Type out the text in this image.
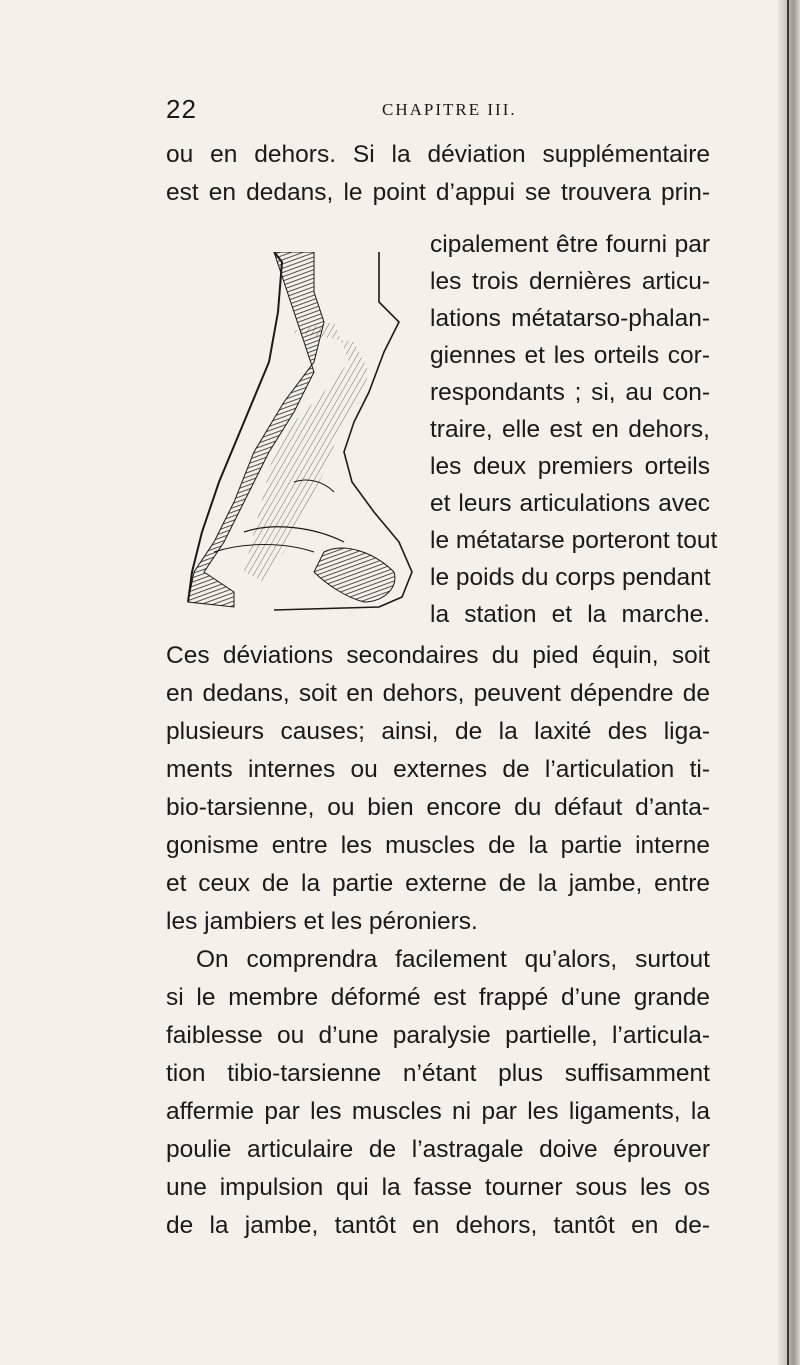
22	CHAPITRE III.
ou en dehors. Si la déviation supplémentaire
est en dedans, le point d’appui se trouvera prin-
cipalement être fourni par
les trois dernières articu-
lations métatarso-phalan-
giennes et les orteils cor-
respondants ; si, au con-
traire, elle est en dehors,
les deux premiers orteils
et leurs articulations avec
le métatarse porteront tout
le poids du corps pendant
la station et la marche.
Ces déviations secondaires du pied équin, soit
en dedans, soit en dehors, peuvent dépendre de
plusieurs causes; ainsi, de la laxité des liga-
ments internes ou externes de l’articulation ti-
bio-tarsienne, ou bien encore du défaut d’anta-
gonisme entre les muscles de la partie interne
et ceux de la partie externe de la jambe, entre
les jambiers et les péroniers.
On comprendra facilement qu’alors, surtout
si le membre déformé est frappé d’une grande
faiblesse ou d’une paralysie partielle, l’articula-
tion tibio-tarsienne n’étant plus suffisamment
affermie par les muscles ni par les ligaments, la
poulie articulaire de l’astragale doive éprouver
une impulsion qui la fasse tourner sous les os
de la jambe, tantôt en dehors, tantôt en de-
